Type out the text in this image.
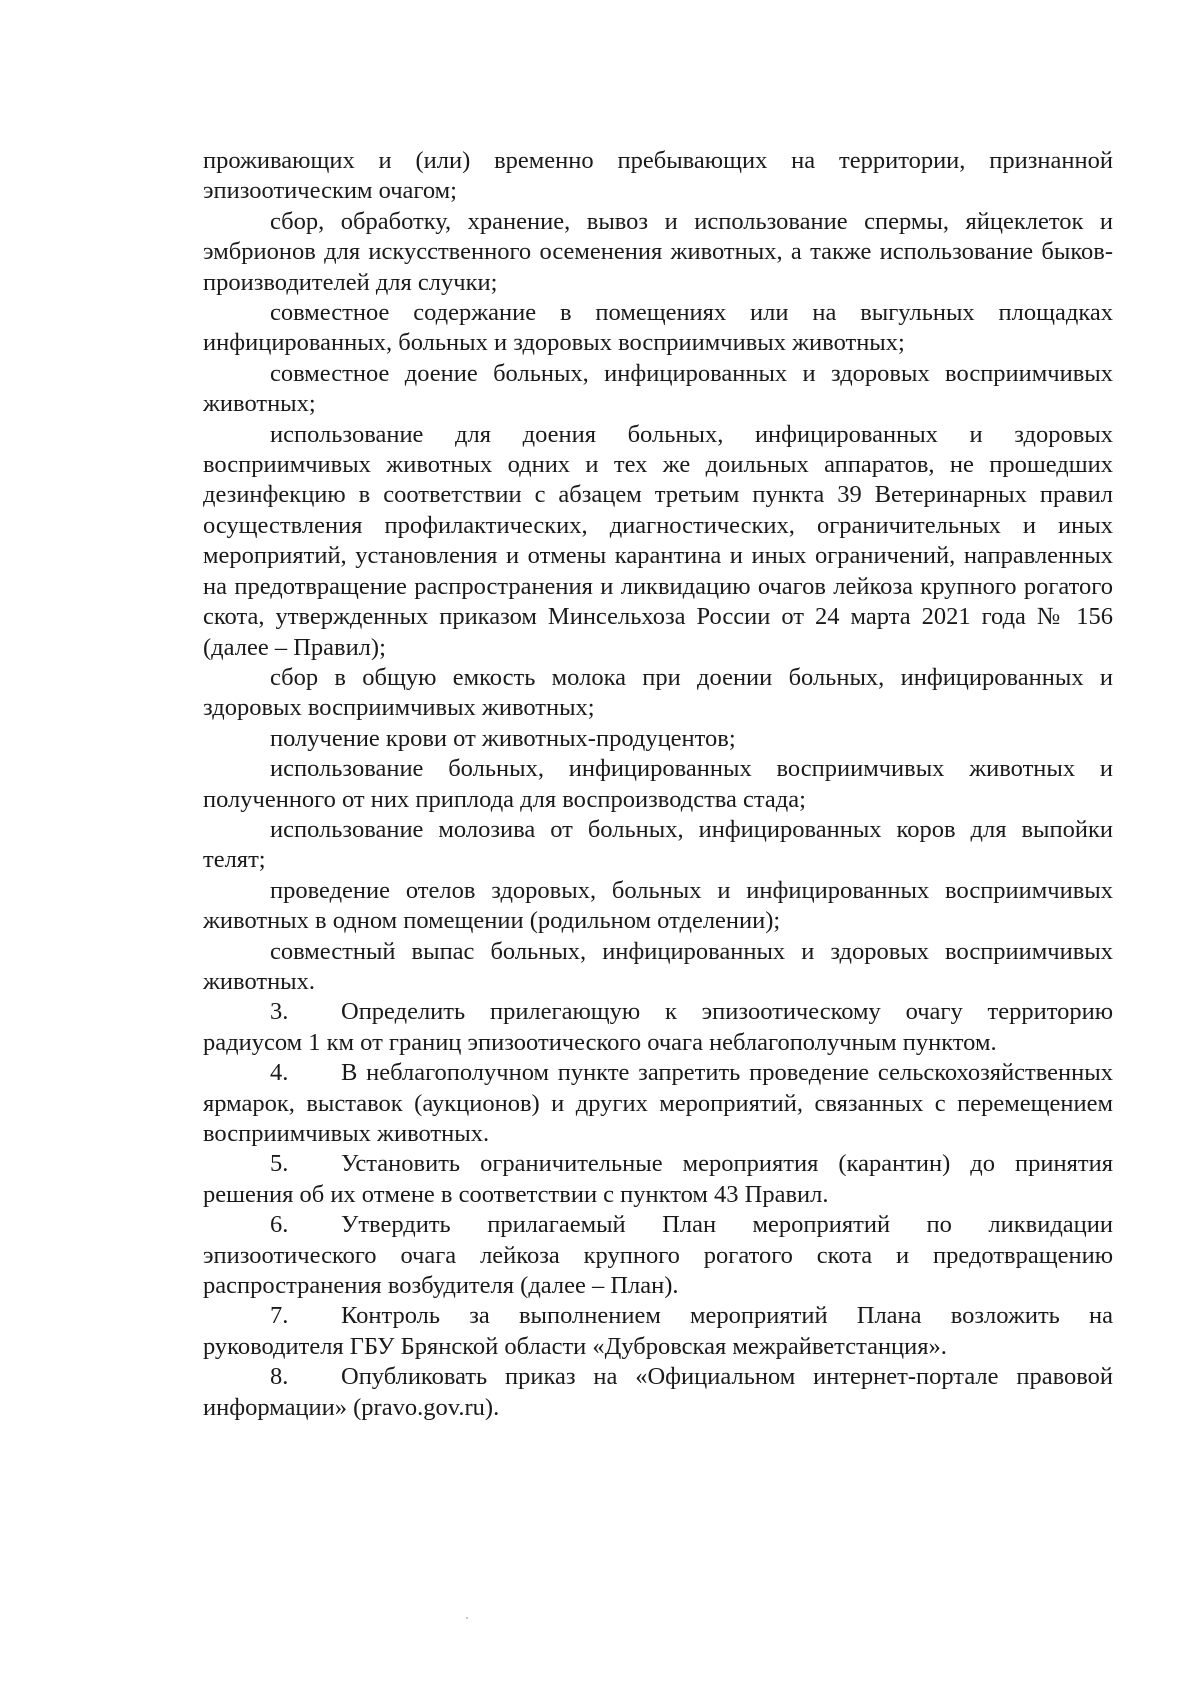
проживающих и (или) временно пребывающих на территории, признанной эпизоотическим очагом;

сбор, обработку, хранение, вывоз и использование спермы, яйцеклеток и эмбрионов для искусственного осеменения животных, а также использование быков-производителей для случки;

совместное содержание в помещениях или на выгульных площадках инфицированных, больных и здоровых восприимчивых животных;

совместное доение больных, инфицированных и здоровых восприимчивых животных;

использование для доения больных, инфицированных и здоровых восприимчивых животных одних и тех же доильных аппаратов, не прошедших дезинфекцию в соответствии с абзацем третьим пункта 39 Ветеринарных правил осуществления профилактических, диагностических, ограничительных и иных мероприятий, установления и отмены карантина и иных ограничений, направленных на предотвращение распространения и ликвидацию очагов лейкоза крупного рогатого скота, утвержденных приказом Минсельхоза России от 24 марта 2021 года № 156 (далее – Правил);

сбор в общую емкость молока при доении больных, инфицированных и здоровых восприимчивых животных;

получение крови от животных-продуцентов;

использование больных, инфицированных восприимчивых животных и полученного от них приплода для воспроизводства стада;

использование молозива от больных, инфицированных коров для выпойки телят;

проведение отелов здоровых, больных и инфицированных восприимчивых животных в одном помещении (родильном отделении);

совместный выпас больных, инфицированных и здоровых восприимчивых животных.

3. Определить прилегающую к эпизоотическому очагу территорию радиусом 1 км от границ эпизоотического очага неблагополучным пунктом.

4. В неблагополучном пункте запретить проведение сельскохозяйственных ярмарок, выставок (аукционов) и других мероприятий, связанных с перемещением восприимчивых животных.

5. Установить ограничительные мероприятия (карантин) до принятия решения об их отмене в соответствии с пунктом 43 Правил.

6. Утвердить прилагаемый План мероприятий по ликвидации эпизоотического очага лейкоза крупного рогатого скота и предотвращению распространения возбудителя (далее – План).

7. Контроль за выполнением мероприятий Плана возложить на руководителя ГБУ Брянской области «Дубровская межрайветстанция».

8. Опубликовать приказ на «Официальном интернет-портале правовой информации» (pravo.gov.ru).
